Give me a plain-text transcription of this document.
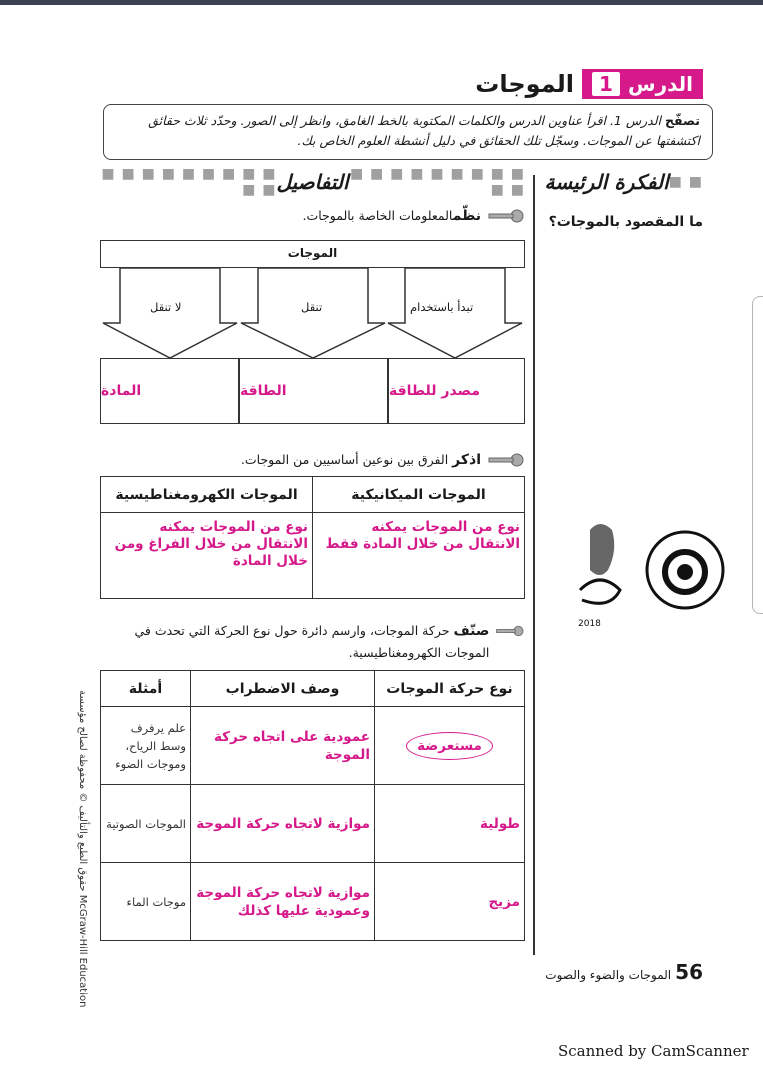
الدرس
1
الموجات
تصفّح الدرس 1. اقرأ عناوين الدرس والكلمات المكتوبة بالخط الغامق، وانظر إلى الصور. وحدّد ثلاث حقائق اكتشفتها عن الموجات. وسجّل تلك الحقائق في دليل أنشطة العلوم الخاص بك.
■ ■
الفكرة الرئيسة
■ ■ ■ ■ ■ ■ ■ ■ ■ ■ ■
التفاصيل
■ ■ ■ ■ ■ ■ ■ ■ ■ ■ ■
ما المقصود بالموجات؟
نظّمالمعلومات الخاصة بالموجات.
الموجات
تبدأ باستخدام
تنقل
لا تنقل
مصدر للطاقة
الطاقة
المادة
اذكر الفرق بين نوعين أساسيين من الموجات.
الموجات الميكانيكية	الموجات الكهرومغناطيسية
نوع من الموجات يمكنه الانتقال من خلال المادة فقط	نوع من الموجات يمكنه الانتقال من خلال الفراغ ومن خلال المادة
صنّف حركة الموجات، وارسم دائرة حول نوع الحركة التي تحدث في الموجات الكهرومغناطيسية.
نوع حركة الموجات	وصف الاضطراب	أمثلة
مستعرضة	عمودية على اتجاه حركة الموجة	علم يرفرف وسط الرياح، وموجات الضوء
طولية	موازية لاتجاه حركة الموجة	الموجات الصوتية
مزيج	موازية لاتجاه حركة الموجة وعمودية عليها كذلك	موجات الماء
حقوق الطبع والتأليف © محفوظة لصالح مؤسسة McGraw-Hill Education
2018
56
الموجات والضوء والصوت
Scanned by CamScanner
